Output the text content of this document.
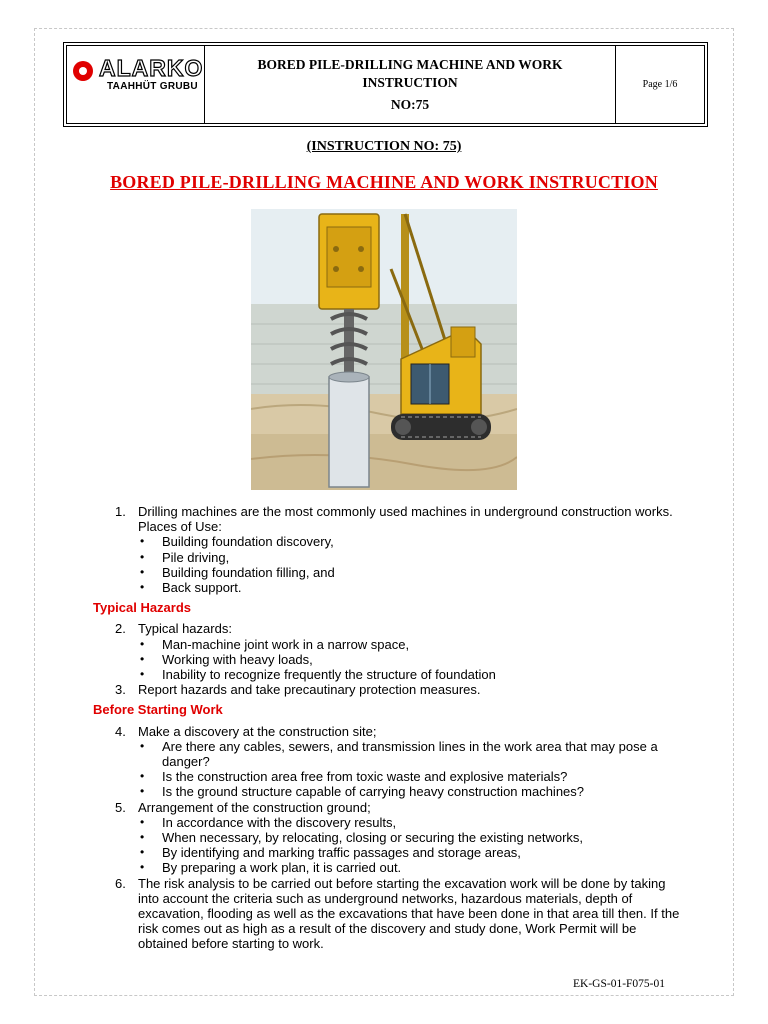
ALARKO
TAAHHÜT GRUBU
BORED PILE-DRILLING MACHINE AND WORK
INSTRUCTION
NO:75
Page 1/6
(INSTRUCTION NO: 75)
BORED PILE-DRILLING MACHINE AND WORK INSTRUCTION
1. Drilling machines are the most commonly used machines in underground construction works. Places of Use:
• Building foundation discovery,
• Pile driving,
• Building foundation filling, and
• Back support.
Typical Hazards
2. Typical hazards:
• Man-machine joint work in a narrow space,
• Working with heavy loads,
• Inability to recognize frequently the structure of foundation
3. Report hazards and take precautinary protection measures.
Before Starting Work
4. Make a discovery at the construction site;
• Are there any cables, sewers, and transmission lines in the work area that may pose a danger?
• Is the construction area free from toxic waste and explosive materials?
• Is the ground structure capable of carrying heavy construction machines?
5. Arrangement of the construction ground;
• In accordance with the discovery results,
• When necessary, by relocating, closing or securing the existing networks,
• By identifying and marking traffic passages and storage areas,
• By preparing a work plan, it is carried out.
6. The risk analysis to be carried out before starting the excavation work will be done by taking into account the criteria such as underground networks, hazardous materials, depth of excavation, flooding as well as the excavations that have been done in that area till then. If the risk comes out as high as a result of the discovery and study done, Work Permit will be obtained before starting to work.
EK-GS-01-F075-01
